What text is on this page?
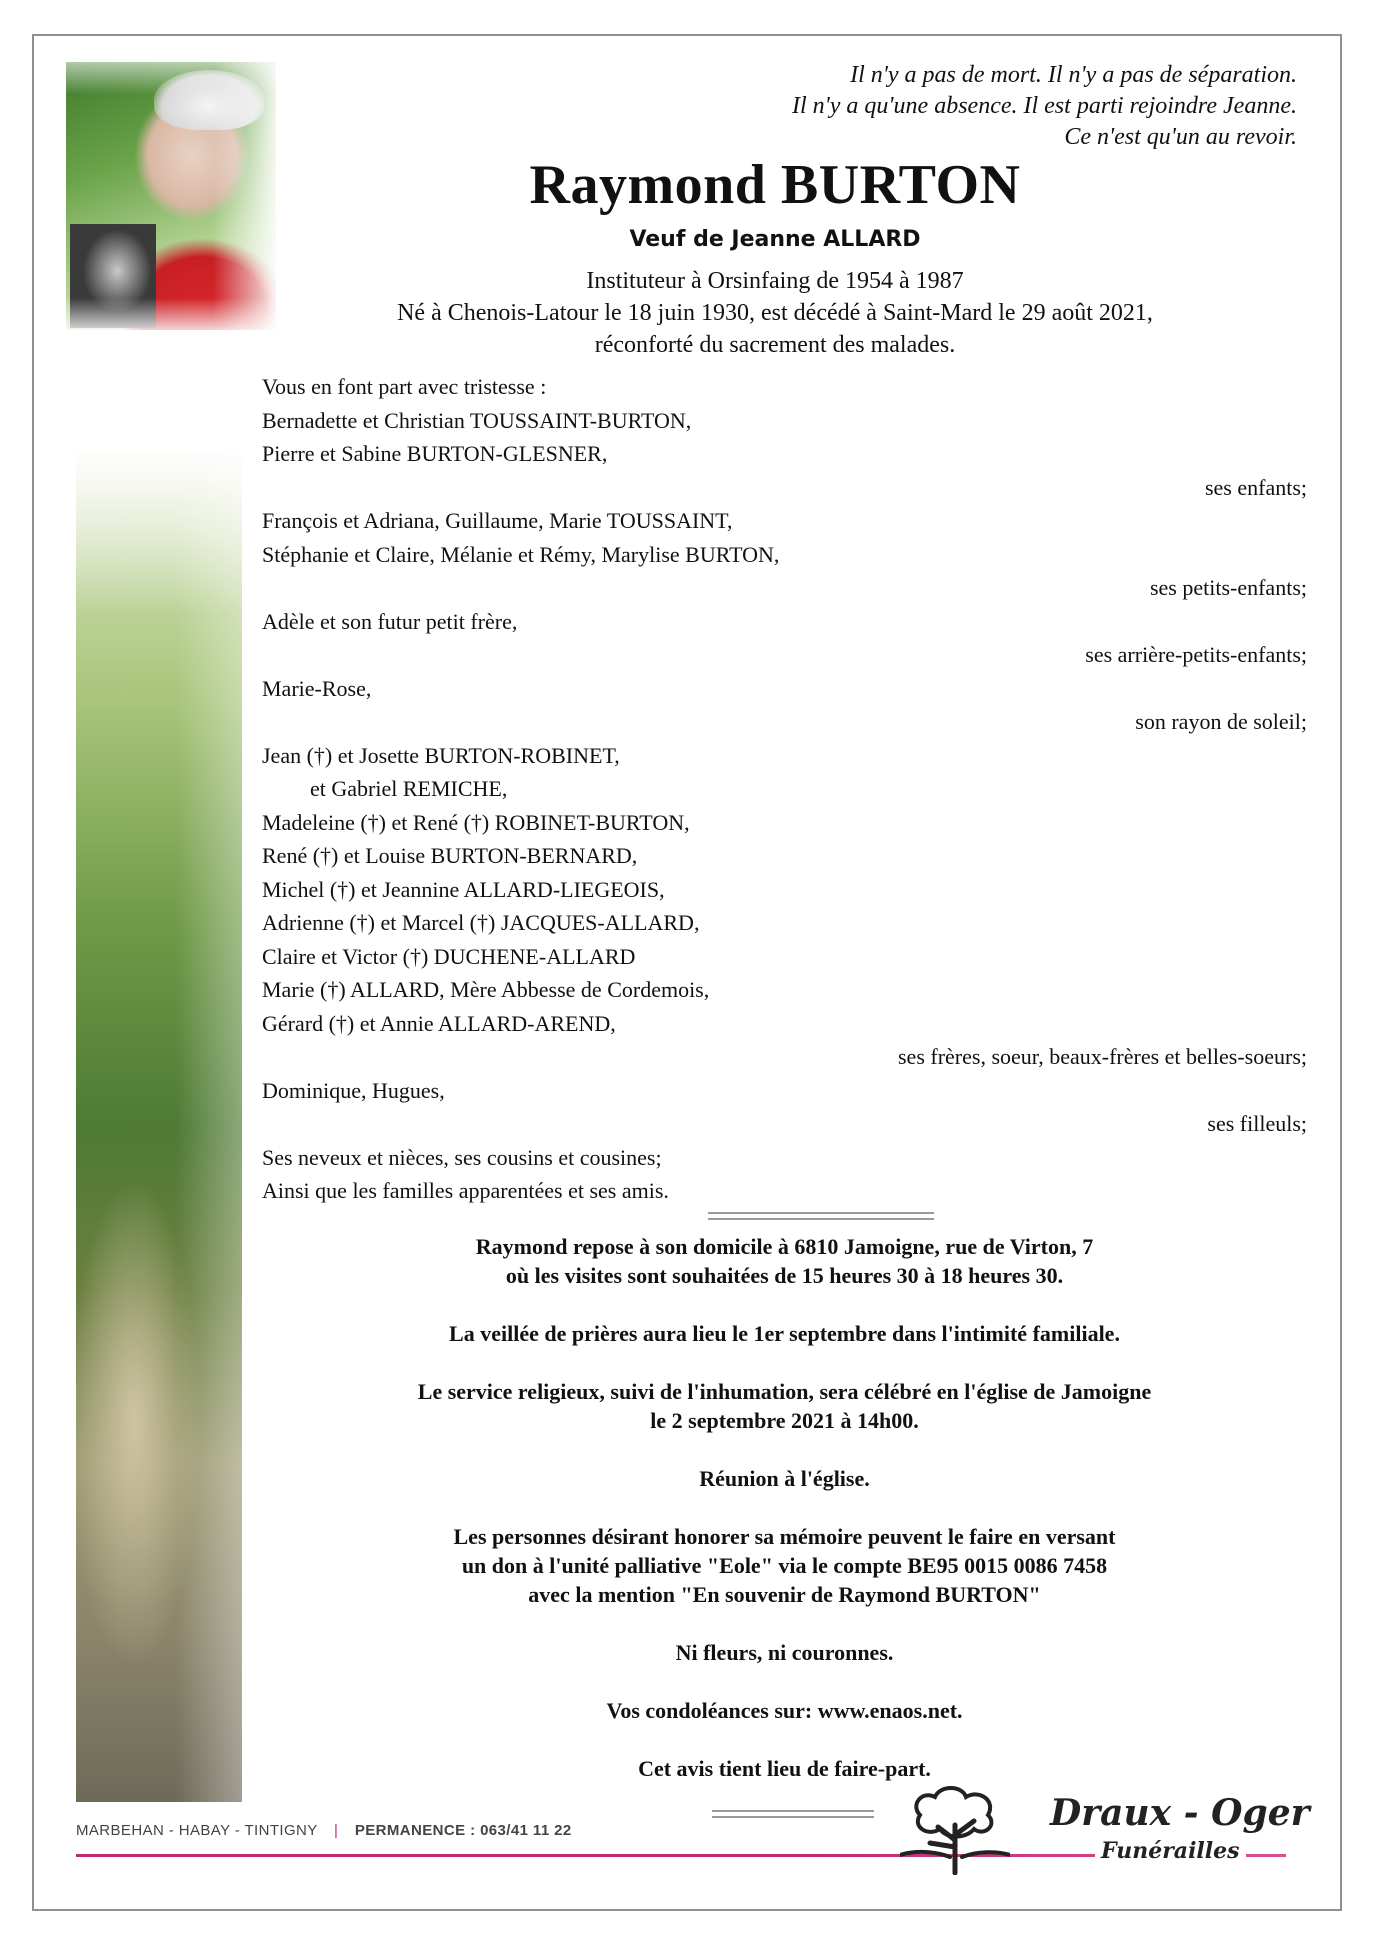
Il n'y a pas de mort. Il n'y a pas de séparation.
Il n'y a qu'une absence. Il est parti rejoindre Jeanne.
Ce n'est qu'un au revoir.
Raymond BURTON
Veuf de Jeanne ALLARD
Instituteur à Orsinfaing de 1954 à 1987
Né à Chenois-Latour le 18 juin 1930, est décédé à Saint-Mard le 29 août 2021,
réconforté du sacrement des malades.
Vous en font part avec tristesse :
Bernadette et Christian TOUSSAINT-BURTON,
Pierre et Sabine BURTON-GLESNER,
ses enfants;
François et Adriana, Guillaume, Marie TOUSSAINT,
Stéphanie et Claire, Mélanie et Rémy, Marylise BURTON,
ses petits-enfants;
Adèle et son futur petit frère,
ses arrière-petits-enfants;
Marie-Rose,
son rayon de soleil;
Jean (†) et Josette BURTON-ROBINET,
et Gabriel REMICHE,
Madeleine (†) et René (†) ROBINET-BURTON,
René (†) et Louise BURTON-BERNARD,
Michel (†) et Jeannine ALLARD-LIEGEOIS,
Adrienne (†) et Marcel (†) JACQUES-ALLARD,
Claire et Victor (†) DUCHENE-ALLARD
Marie (†) ALLARD, Mère Abbesse de Cordemois,
Gérard (†) et Annie ALLARD-AREND,
ses frères, soeur, beaux-frères et belles-soeurs;
Dominique, Hugues,
ses filleuls;
Ses neveux et nièces, ses cousins et cousines;
Ainsi que les familles apparentées et ses amis.
Raymond repose à son domicile à 6810 Jamoigne, rue de Virton, 7
où les visites sont souhaitées de 15 heures 30 à 18 heures 30.
La veillée de prières aura lieu le 1er septembre dans l'intimité familiale.
Le service religieux, suivi de l'inhumation, sera célébré en l'église de Jamoigne
le 2 septembre 2021 à 14h00.
Réunion à l'église.
Les personnes désirant honorer sa mémoire peuvent le faire en versant
un don à l'unité palliative "Eole" via le compte BE95 0015 0086 7458
avec la mention "En souvenir de Raymond BURTON"
Ni fleurs, ni couronnes.
Vos condoléances sur: www.enaos.net.
Cet avis tient lieu de faire-part.
MARBEHAN - HABAY - TINTIGNY | PERMANENCE : 063/41 11 22	Draux - Oger
Funérailles
